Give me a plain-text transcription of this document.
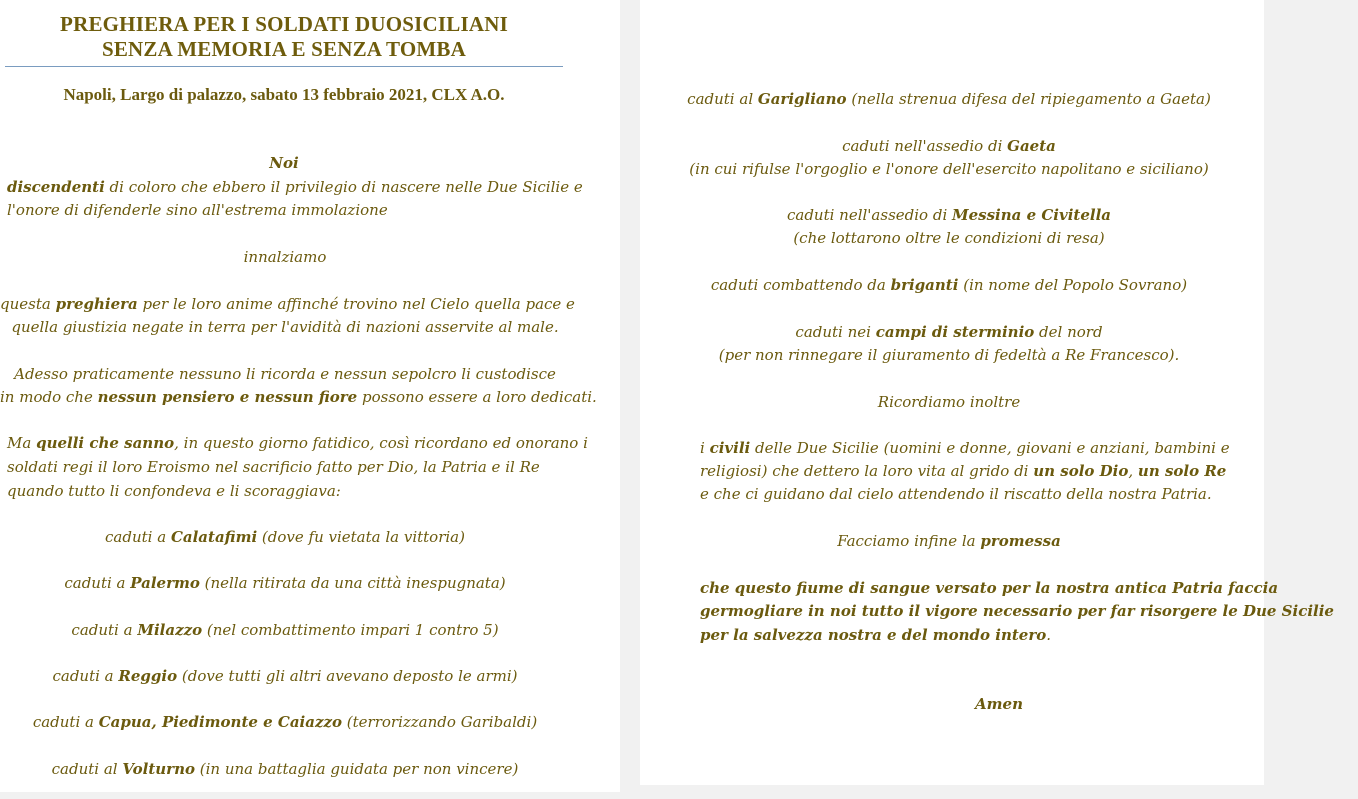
PREGHIERA PER I SOLDATI DUOSICILIANI
SENZA MEMORIA E SENZA TOMBA
Napoli, Largo di palazzo, sabato 13 febbraio 2021, CLX A.O.
Noi
discendenti di coloro che ebbero il privilegio di nascere nelle Due Sicilie e
l'onore di difenderle sino all'estrema immolazione
innalziamo
questa preghiera per le loro anime affinché trovino nel Cielo quella pace e
quella giustizia negate in terra per l'avidità di nazioni asservite al male.
Adesso praticamente nessuno li ricorda e nessun sepolcro li custodisce
in modo che nessun pensiero e nessun fiore possono essere a loro dedicati.
Ma quelli che sanno, in questo giorno fatidico, così ricordano ed onorano i
soldati regi il loro Eroismo nel sacrificio fatto per Dio, la Patria e il Re
quando tutto li confondeva e li scoraggiava:
caduti a Calatafimi (dove fu vietata la vittoria)
caduti a Palermo (nella ritirata da una città inespugnata)
caduti a Milazzo (nel combattimento impari 1 contro 5)
caduti a Reggio (dove tutti gli altri avevano deposto le armi)
caduti a Capua, Piedimonte e Caiazzo (terrorizzando Garibaldi)
caduti al Volturno (in una battaglia guidata per non vincere)
caduti al Garigliano (nella strenua difesa del ripiegamento a Gaeta)
caduti nell'assedio di Gaeta
(in cui rifulse l'orgoglio e l'onore dell'esercito napolitano e siciliano)
caduti nell'assedio di Messina e Civitella
(che lottarono oltre le condizioni di resa)
caduti combattendo da briganti (in nome del Popolo Sovrano)
caduti nei campi di sterminio del nord
(per non rinnegare il giuramento di fedeltà a Re Francesco).
Ricordiamo inoltre
i civili delle Due Sicilie (uomini e donne, giovani e anziani, bambini e
religiosi) che dettero la loro vita al grido di un solo Dio, un solo Re
e che ci guidano dal cielo attendendo il riscatto della nostra Patria.
Facciamo infine la promessa
che questo fiume di sangue versato per la nostra antica Patria faccia
germogliare in noi tutto il vigore necessario per far risorgere le Due Sicilie
per la salvezza nostra e del mondo intero.
Amen
